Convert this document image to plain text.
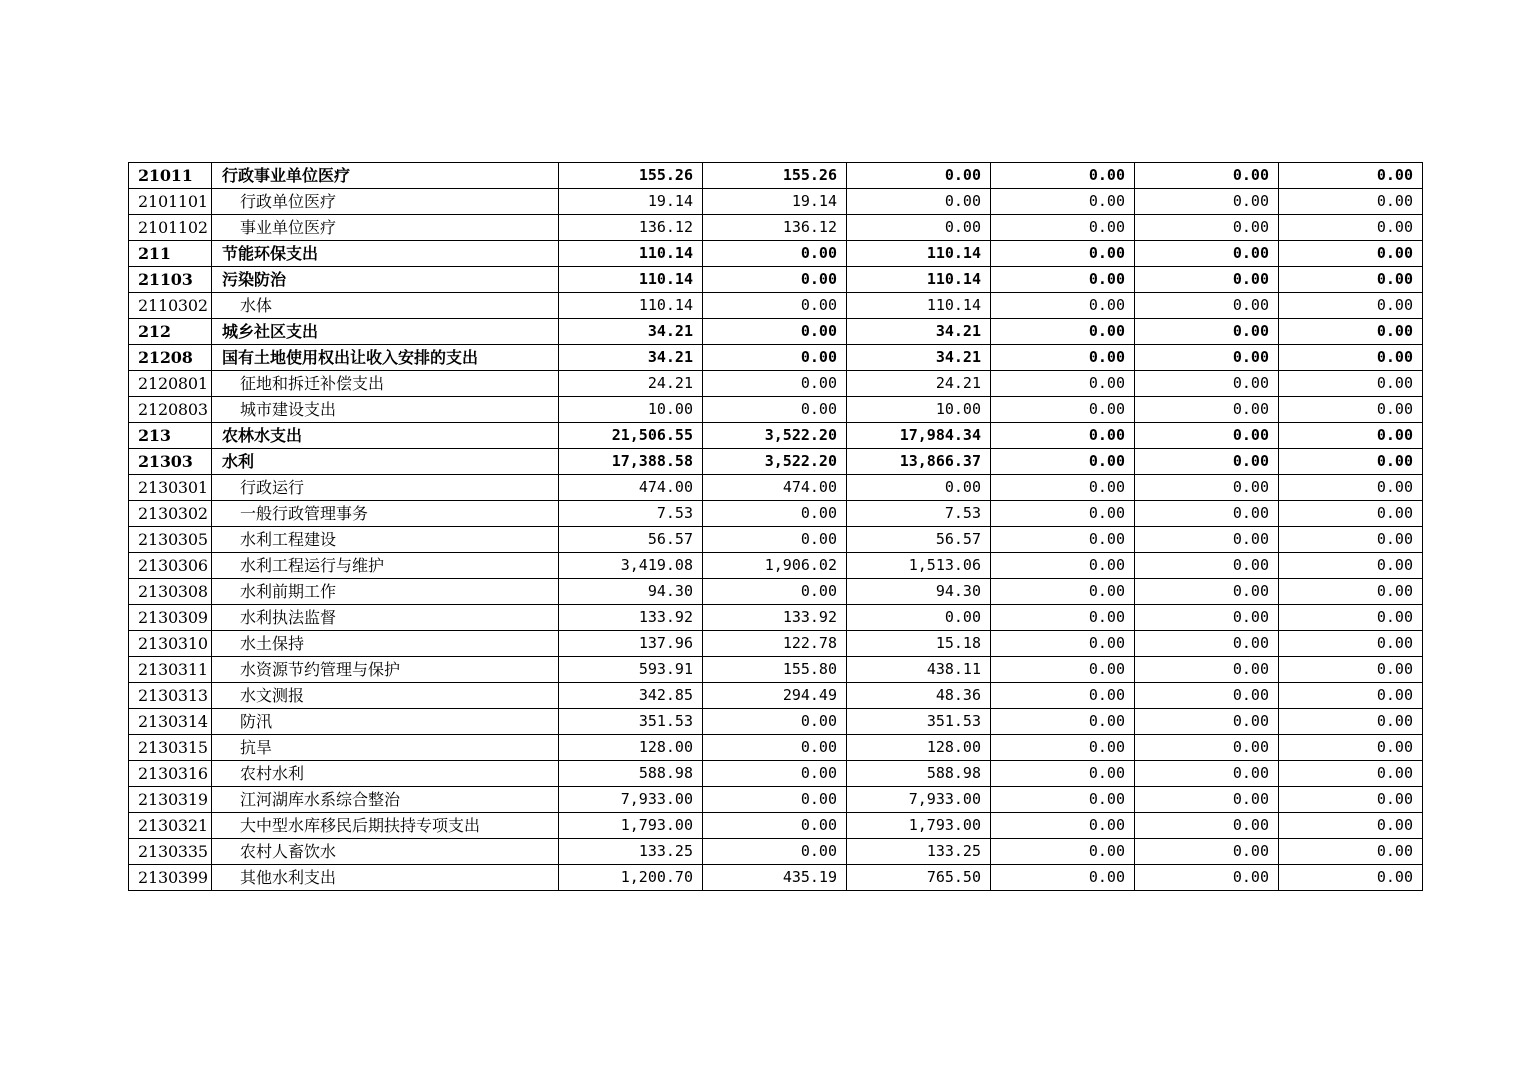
21011	行政事业单位医疗	155.26	155.26	0.00	0.00	0.00	0.00
2101101	行政单位医疗	19.14	19.14	0.00	0.00	0.00	0.00
2101102	事业单位医疗	136.12	136.12	0.00	0.00	0.00	0.00
211	节能环保支出	110.14	0.00	110.14	0.00	0.00	0.00
21103	污染防治	110.14	0.00	110.14	0.00	0.00	0.00
2110302	水体	110.14	0.00	110.14	0.00	0.00	0.00
212	城乡社区支出	34.21	0.00	34.21	0.00	0.00	0.00
21208	国有土地使用权出让收入安排的支出	34.21	0.00	34.21	0.00	0.00	0.00
2120801	征地和拆迁补偿支出	24.21	0.00	24.21	0.00	0.00	0.00
2120803	城市建设支出	10.00	0.00	10.00	0.00	0.00	0.00
213	农林水支出	21,506.55	3,522.20	17,984.34	0.00	0.00	0.00
21303	水利	17,388.58	3,522.20	13,866.37	0.00	0.00	0.00
2130301	行政运行	474.00	474.00	0.00	0.00	0.00	0.00
2130302	一般行政管理事务	7.53	0.00	7.53	0.00	0.00	0.00
2130305	水利工程建设	56.57	0.00	56.57	0.00	0.00	0.00
2130306	水利工程运行与维护	3,419.08	1,906.02	1,513.06	0.00	0.00	0.00
2130308	水利前期工作	94.30	0.00	94.30	0.00	0.00	0.00
2130309	水利执法监督	133.92	133.92	0.00	0.00	0.00	0.00
2130310	水土保持	137.96	122.78	15.18	0.00	0.00	0.00
2130311	水资源节约管理与保护	593.91	155.80	438.11	0.00	0.00	0.00
2130313	水文测报	342.85	294.49	48.36	0.00	0.00	0.00
2130314	防汛	351.53	0.00	351.53	0.00	0.00	0.00
2130315	抗旱	128.00	0.00	128.00	0.00	0.00	0.00
2130316	农村水利	588.98	0.00	588.98	0.00	0.00	0.00
2130319	江河湖库水系综合整治	7,933.00	0.00	7,933.00	0.00	0.00	0.00
2130321	大中型水库移民后期扶持专项支出	1,793.00	0.00	1,793.00	0.00	0.00	0.00
2130335	农村人畜饮水	133.25	0.00	133.25	0.00	0.00	0.00
2130399	其他水利支出	1,200.70	435.19	765.50	0.00	0.00	0.00
